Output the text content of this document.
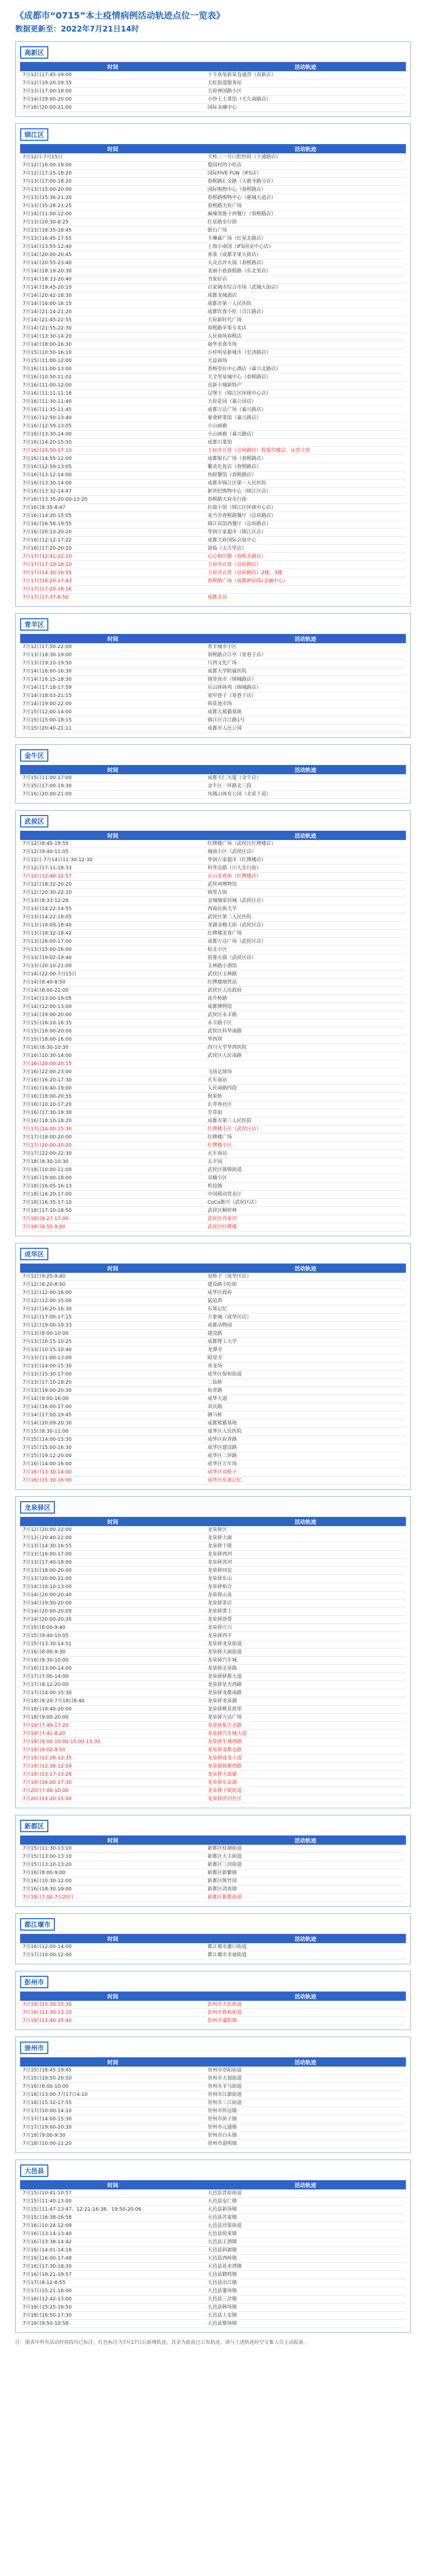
《成都市“0715”本土疫情病例活动轨迹点位一览表》
数据更新至：2022年7月21日14时
高新区
时间	活动轨迹
7月12日17:45-19:00	十卡食兔新家直通营（高新店）
7月12日19:20-19:35	天虹街道服务站
7月13日17:00-18:00	天府神国路小区
7月14日19:00-20:00	小炒王土菜馆（天久南路店）
7月16日20:00-21:00	国际金融中心
锦江区
时间	活动轨迹
7月12日-7月15日	天桥二一号口腔医院（下浦路店）
7月12日16:00-19:00	梨园村的小吃店
7月12日17:15-18:20	国际FIVE FUN（IFS店）
7月13日17:00-18:20	春熙路汇金路（大慈寺路分店）
7月13日15:00-20:00	国际购物中心（春熙路店）
7月13日15:36-21:20	春熙路购物中心（慈城大道店）
7月13日15:28-21:25	春熙路天府广场
7月14日11:00-12:00	麻辣烫鲁子西餐厅（春熙路店）
7月13日20:30-8:25	红星路步行街
7月13日18:35-18:45	银石广场
7月13日16:45-17:55	卡琳嘉广场（红星北路店）
7月14日13:55-12:40	上海小南国（IFS国金中心店）
7月14日20:00-20:45	喜茶（成都苹果大街店）
7月14日20:55-23:40	大众点评火锅（春熙路店）
7月14日18:19-20:30	美丽小巷春熙路（东北里店）
7月14日18:33-20:40	书家好店
7月14日19:45-20:10	百家城市综合市场（武城大街店）
7月14日20:42-18:30	成都龙城酒店
7月14日16:00-16:15	成都市第一人民医院
7月14日21:14-21:20	成都饮食小吃（合江路店）
7月14日21:45-22:55	天府新时代广场
7月14日21:55-22:30	春熙路苹果专卖店
7月14日13:30-14:20	人民商场春熙店
7月14日18:00-16:30	福华美食市场
7月15日10:50-16:10	方柱明星新城市（宏济路店）
7月15日11:00-12:00	天益商场
7月16日11:00-13:00	香格里拉中心酒店（嘉兴北路店）
7月16日10:50-11:02	天全里星城中心（春熙路店）
7月16日11:00-12:00	良新小城新特产
7月16日11:11-11:18	汉堡王（锦江区环球中心店）
7月16日11:30-11:40	天府花园（嘉公园店）
7月16日11:35-11:45	成都万达广场（嘉兴路店）
7月16日12:50-13:40	秦食鲜菜馆（嘉兴路店）
7月16日12:59-13:05	小山画廊
7月16日13:30-14:00	小山画廊（嘉兴路店）
7月16日14:20-15:50	成都川菜馆
7月16日15:50-17:10	王府井百货（总府路店）收银员楼层、运营主管
7月16日14:55-12:00	成都银石广场（春熙路店）
7月16日12:59-13:05	馨美化妆店（春熙路店）
7月16日13:12-14:00	鱼眼餐馆（春熙路店）
7月16日13:30-14:00	成都市锦江区第一人民医院
7月16日13:32-14:47	新世纪购物中心（锦江区店）
7月16日13:35-20:00-13:20	春熙路天府步行街
7月16日8:35-8:47	拉面小馆（锦江区环球中心店）
7月16日14:20-15:05	麦当劳春熙路餐厅（总府路店）
7月16日16:58-19:55	锦江宾馆西餐厅（总府路店）
7月16日20:10-20:20	华润万家超市（锦江区店）
7月16日12:12-17:22	成都天府国际会展中心
7月16日17:20-20:10	富临（太古里店）
7月17日12:41-22:10	心心相印餐（春熙北路店）
7月17日17:10-18:10	王府井百货（总府路店）
7月17日14:30-16:55	王府井百货（总府路店）2楼、3楼
7月17日16:20-17:43	春熙路广场（成都IFS国际金融中心）
7月17日17:20-18:16	
7月17日17:37-8:50	成都北站
青羊区
时间	活动轨迹
7月12日17:50-22:00	青羊城市小区
7月13日18:30-19:00	春熙路合江亭（宽巷子店）
7月13日19:10-19:50	川西文化广场
7月14日16:00-16:30	成都大学附属医院
7月14日16:15-18:30	锦里夜市（锦城路店）
7月14日17:18-17:59	乐山钵钵鸡（锦城路店）
7月14日18:03-21:15	宽窄巷子（宽巷子店）
7月14日19:00-22:00	荷花池市场
7月15日12:00-14:00	成都大熊猫基地
7月15日15:00-18:15	锦江区合江路1号
7月15日20:40-21:11	成都市人民公园
金牛区
时间	活动轨迹
7月15日11:00-17:00	成都天仁大厦（金牛店）
7月15日17:00-19:30	金牛区一环路北三段
7月16日20:00-21:00	凤凰山体育公园（北星干道）
武侯区
时间	活动轨迹
7月12日8:45-19:55	红牌楼广场（武侯区红牌楼店）
7月12日9:40-11:05	城南小区（武侯区店）
7月12日-7月14日11:30-12:30	华润万家超市（红牌楼店）
7月12日17:11-18:33	科华北路（川大步行街）
7月12日12:40-12:57	乐山美食街（红牌楼店）
7月12日18:32-20:20	武侯祠博物馆
7月12日20:30-22:10	锦里古街
7月13日8:33-12:28	金城城家居城（武侯区店）
7月13日14:22-14:55	西南民族大学
7月13日14:22-18:05	武侯区第二人民医院
7月13日18:09-18:40	龙湖金楠天街（武侯区店）
7月13日18:32-18:42	红牌楼美食广场
7月13日16:00-17:00	成都万达广场（武侯区店）
7月13日15:00-16:00	棕北小区
7月13日19:02-19:40	蓓蕾火锅（武侯区店）
7月13日20:10-21:00	玉林路小酒馆
7月14日22:00-7月15日	武侯区玉林路
7月14日8:40-8:50	红牌楼地铁站
7月14日8:00-21:00	武侯区人民政府
7月14日13:00-19:05	高升桥路
7月14日12:00-13:00	成都博物馆
7月14日19:00-20:00	武侯区永丰路
7月15日16:10-16:35	永丰路小区
7月15日18:00-20:00	武侯区科华南路
7月15日18:00-16:00	华西坝
7月16日8:30-10:30	四川大学华西医院
7月16日10:30-14:00	武侯区人民南路
7月16日20:00-20:15	
7月16日22:00-23:00	飞扬足球场
7月16日16:20-17:30	火车南站
7月16日16:40-19:00	人民南路四段
7月16日18:00-20:55	倪家桥
7月16日10:10-17:20	长寿苑社区
7月16日17:30-19:30	芳草街
7月16日18:10-18:20	成都市第三人民医院
7月17日14:00-15:30	红牌楼小区（武侯区店）
7月17日18:00-20:00	红牌楼广场
7月17日20:00-20:20	红牌楼小区
7月17日22:00-22:30	火车南站
7月18日8:30-10:30	太平园
7月18日10:00-11:00	武侯区簇锦街道
7月18日19:00-18:00	双楠小区
7月18日16:05-16:13	机投镇
7月18日16:20-17:00	中国移动营业厅
7月18日16:35-17:10	CoCo都可（武侯区店）
7月18日17:10-18:50	武侯区桐梓林
7月19日8:27-17:00	武侯区肖家河
7月19日8:55-9:00	武侯区红牌楼
成华区
时间	活动轨迹
7月12日9:25-9:40	双桥子（成华区店）
7月12日8:20-8:50	建设路小吃街
7月12日12:00-16:00	成华区政府
7月12日12:00-15:00	猛追湾
7月12日16:20-16:30	东郊记忆
7月12日17:00-17:15	万象城（成华区店）
7月12日19:00-19:33	成都动物园
7月13日8:00-10:00	建设路
7月13日10:15-10:25	成都理工大学
7月13日10:15-10:40	龙潭寺
7月13日11:00-13:00	昭觉寺
7月13日14:00-15:30	青龙场
7月13日15:30-17:00	成华区保和街道
7月13日17:10-18:20	二仙桥
7月13日19:00-20:30	府青路
7月14日8:00-16:00	成华大道
7月14日16:00-17:00	双庆路
7月14日17:00-19:45	驷马桥
7月14日20:09-20:30	成都熊猫基地
7月15日8:30-11:00	成华区人民医院
7月15日14:00-15:30	成华区府青路
7月15日15:00-16:30	成华区建设路
7月15日19:12-20:00	成华区二环路
7月16日14:00-16:00	成华区万年场
7月16日13:30-14:00	成华区双桥子
7月16日15:30-16:00	成华区东郊记忆
龙泉驿区
时间	活动轨迹
7月12日20:00-22:00	龙泉驿区
7月12日20:40-22:00	龙泉驿大面
7月13日14:30-16:55	龙泉驿十陵
7月13日16:00-17:00	龙泉驿西河
7月13日17:40-18:00	龙泉驿洪河
7月13日18:00-20:00	龙泉驿同安
7月13日20:00-21:00	龙泉驿东山
7月14日10:10-13:00	龙泉驿柏合
7月14日20:00-20:40	龙泉驿山泉
7月14日19:50-20:00	龙泉驿茶店
7月14日20:00-20:05	龙泉驿黄土
7月14日20:00-20:35	龙泉驿洛带
7月15日8:00-9:40	龙泉驿万兴
7月15日9:40-10:05	龙泉驿西平
7月15日13:30-14:51	龙泉驿龙泉街道
7月16日8:00-9:30	龙泉驿大面街道
7月16日9:30-10:00	龙泉驿汽车城
7月16日13:00-14:00	龙泉驿北泉路
7月17日7:00-14:00	龙泉驿驿都大道
7月17日8:12-20:00	龙泉驿星光西路
7月17日14:00-15:30	龙泉驿龙都南路
7月18日8:20-7月18日8:40	龙泉驿龙泉湖
7月18日18:40-20:00	龙泉驿桃花故里
7月18日9:00-20:00	龙泉驿万达广场
7月19日7:49-17:20	龙泉驿航天北路
7月19日7:41-8:20	龙泉驿汽车城大道
7月19日9:00-10:00-15:00-15:30	龙泉驿车城西路
7月19日9:02-9:50	龙泉驿龙都北路
7月19日12:28-12:35	龙泉驿成龙大道
7月19日12:36-12:54	龙泉驿驿都西路
7月19日13:17-13:28	龙泉驿大面铺
7月19日16:00-17:30	龙泉驿东安湖
7月20日7:00-10:00	龙泉驿十陵街道
7月20日13:20-15:00	龙泉驿洪河社区
新都区
时间	活动轨迹
7月15日11:30-13:10	新都区桂湖街道
7月15日13:00-13:10	新都区大丰街道
7月15日13:10-13:20	新都区三河街道
7月16日8:00-9:00	新都区新繁镇
7月16日10:30-12:00	新都区斑竹园
7月16日18:30-19:00	新都区清流镇
7月19日7:00-7月20日	新都区新都街道
都江堰市
时间	活动轨迹
7月16日12:00-14:00	都江堰市灌口街道
7月17日10:00-12:00	都江堰市幸福街道
彭州市
时间	活动轨迹
7月19日10:30-15:30	彭州市天彭街道
7月19日11:30-13:10	彭州市致和街道
7月19日13:40-15:40	彭州市濛阳镇
崇州市
时间	活动轨迹
7月15日18:45-19:45	崇州市崇阳街道
7月15日19:50-20:50	崇州市大划街道
7月16日8:00-10:00	崇州市羊马街道
7月16日13:00-7月17日4:10	崇州市江源街道
7月16日15:32-17:55	崇州市三江街道
7月17日10:00-14:10	崇州市怀远镇
7月17日14:00-15:30	崇州市街子镇
7月17日19:00-20:30	崇州市元通镇
7月18日9:00-9:30	崇州市白头镇
7月18日10:00-11:20	崇州市道明镇
大邑县
时间	活动轨迹
7月15日10:41-10:57	大邑县晋原街道
7月15日11:40-13:00	大邑县安仁镇
7月15日11:47-13:47、12:21-16:36、19:50-20:06	大邑县新场镇
7月15日16:38-16:58	大邑县苏家镇
7月16日10:24-12:09	大邑县沙渠街道
7月16日13:14-13:40	大邑县悦来镇
7月16日13:38-14:42	大邑县王泗镇
7月16日14:01-14:18	大邑县斜源镇
7月16日16:00-17:48	大邑县西岭镇
7月16日17:30-18:30	大邑县花水湾镇
7月16日19:21-19:57	大邑县鹤鸣镇
7月17日8:12-8:55	大邑县出江镇
7月17日15:21-16:00	大邑县董场镇
7月18日12:42-13:00	大邑县三岔镇
7月18日15:25-16:50	大邑县韩场镇
7月18日16:50-17:30	大邑县上安镇
7月19日9:50-10:58	大邑县蔡场镇
注：图表中所有活动时间段均已标注，红色标注为7月17日后新增轨迹，其余为此前已公布轨迹。请与上述轨迹时空交集人员主动报备。
